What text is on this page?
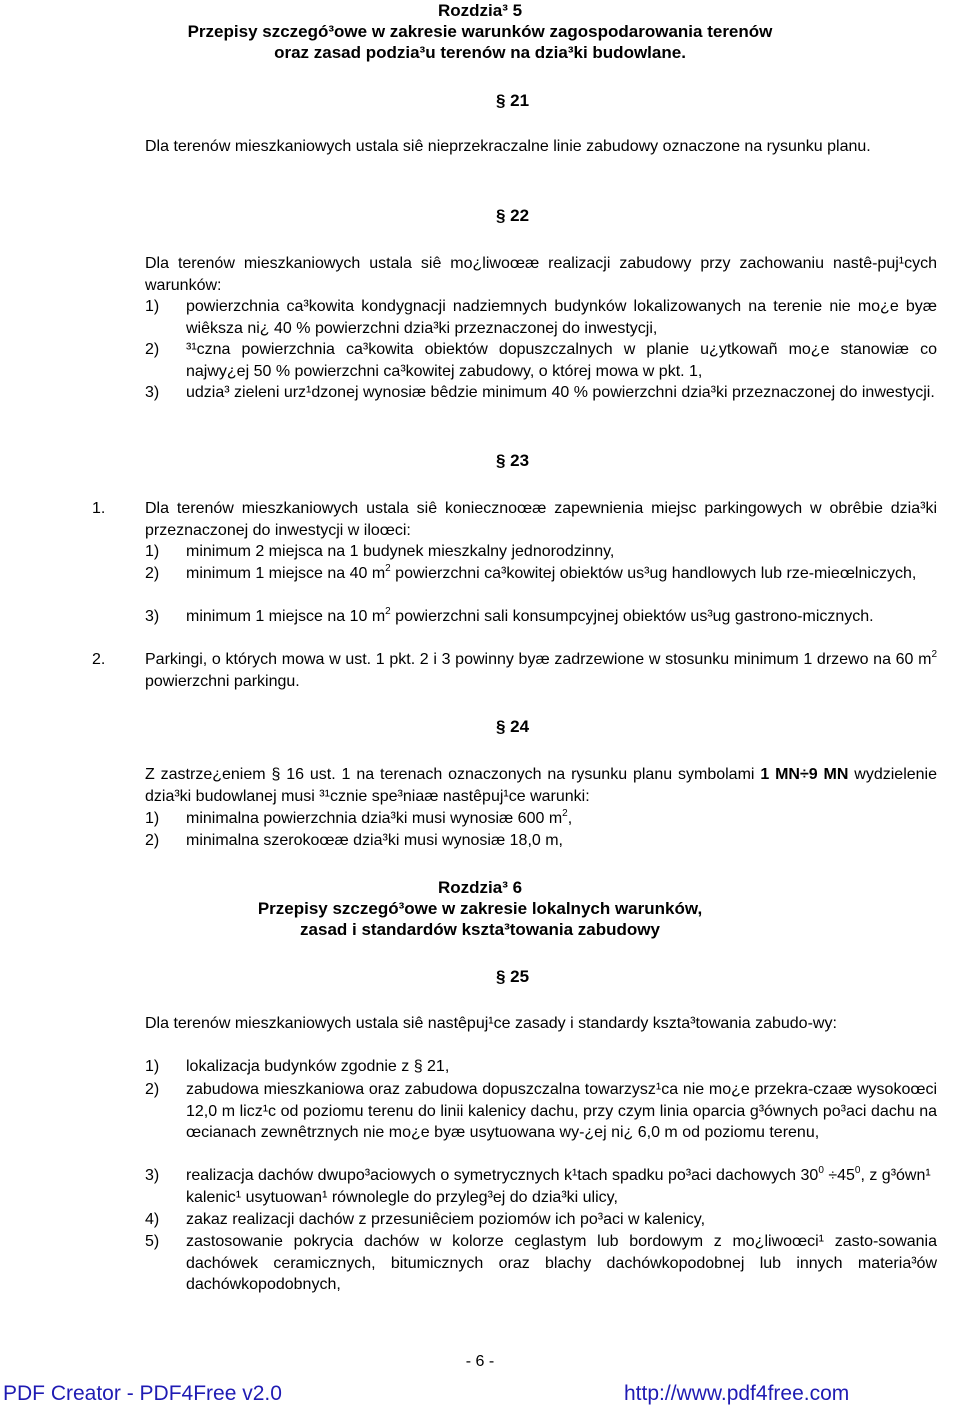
Rozdzia³ 5
Przepisy szczegó³owe w zakresie warunków zagospodarowania terenów
oraz zasad podzia³u terenów na dzia³ki budowlane.
§ 21
Dla terenów mieszkaniowych ustala siê nieprzekraczalne linie zabudowy oznaczone na rysunku planu.
§ 22
Dla terenów mieszkaniowych ustala siê mo¿liwoœæ realizacji zabudowy przy zachowaniu nastê-puj¹cych warunków:
1)	powierzchnia ca³kowita kondygnacji nadziemnych budynków lokalizowanych na terenie nie mo¿e byæ wiêksza ni¿ 40 % powierzchni dzia³ki przeznaczonej do inwestycji,
2)	³¹czna powierzchnia ca³kowita obiektów dopuszczalnych w planie u¿ytkowañ mo¿e stanowiæ co najwy¿ej 50 % powierzchni ca³kowitej zabudowy, o której mowa w pkt. 1,
3)	udzia³ zieleni urz¹dzonej wynosiæ bêdzie minimum 40 % powierzchni dzia³ki przeznaczonej do inwestycji.
§ 23
1.	Dla terenów mieszkaniowych ustala siê koniecznoœæ zapewnienia miejsc parkingowych w obrêbie dzia³ki przeznaczonej do inwestycji w iloœci:
1)	minimum 2 miejsca na 1 budynek mieszkalny jednorodzinny,
2)	minimum 1 miejsce na 40 $m^2$ powierzchni ca³kowitej obiektów us³ug handlowych lub rze-mieœlniczych,
3)	minimum 1 miejsce na 10 $m^2$ powierzchni sali konsumpcyjnej obiektów us³ug gastrono-micznych.
2.	Parkingi, o których mowa w ust. 1 pkt. 2 i 3 powinny byæ zadrzewione w stosunku minimum 1 drzewo na 60 $m^2$ powierzchni parkingu.
§ 24
Z zastrze¿eniem § 16 ust. 1 na terenach oznaczonych na rysunku planu symbolami 1 MN÷9 MN wydzielenie dzia³ki budowlanej musi ³¹cznie spe³niaæ nastêpuj¹ce warunki:
1)	minimalna powierzchnia dzia³ki musi wynosiæ 600 $m^2$,
2)	minimalna szerokoœæ dzia³ki musi wynosiæ 18,0 m,
Rozdzia³ 6
Przepisy szczegó³owe w zakresie lokalnych warunków,
zasad i standardów kszta³towania zabudowy
§ 25
Dla terenów mieszkaniowych ustala siê nastêpuj¹ce zasady i standardy kszta³towania zabudo-wy:
1)	lokalizacja budynków zgodnie z § 21,
2)	zabudowa mieszkaniowa oraz zabudowa dopuszczalna towarzysz¹ca nie mo¿e przekra-czaæ wysokoœci 12,0 m licz¹c od poziomu terenu do linii kalenicy dachu, przy czym linia oparcia g³ównych po³aci dachu na œcianach zewnêtrznych nie mo¿e byæ usytuowana wy-¿ej ni¿ 6,0 m od poziomu terenu,
3)	realizacja dachów dwupo³aciowych o symetrycznych k¹tach spadku po³aci dachowych $30^0 \div 45^0$, z g³ówn¹ kalenic¹ usytuowan¹ równolegle do przyleg³ej do dzia³ki ulicy,
4)	zakaz realizacji dachów z przesuniêciem poziomów ich po³aci w kalenicy,
5)	zastosowanie pokrycia dachów w kolorze ceglastym lub bordowym z mo¿liwoœci¹ zasto-sowania dachówek ceramicznych, bitumicznych oraz blachy dachówkopodobnej lub innych materia³ów dachówkopodobnych,
- 6 -
PDF Creator - PDF4Free v2.0	http://www.pdf4free.com
